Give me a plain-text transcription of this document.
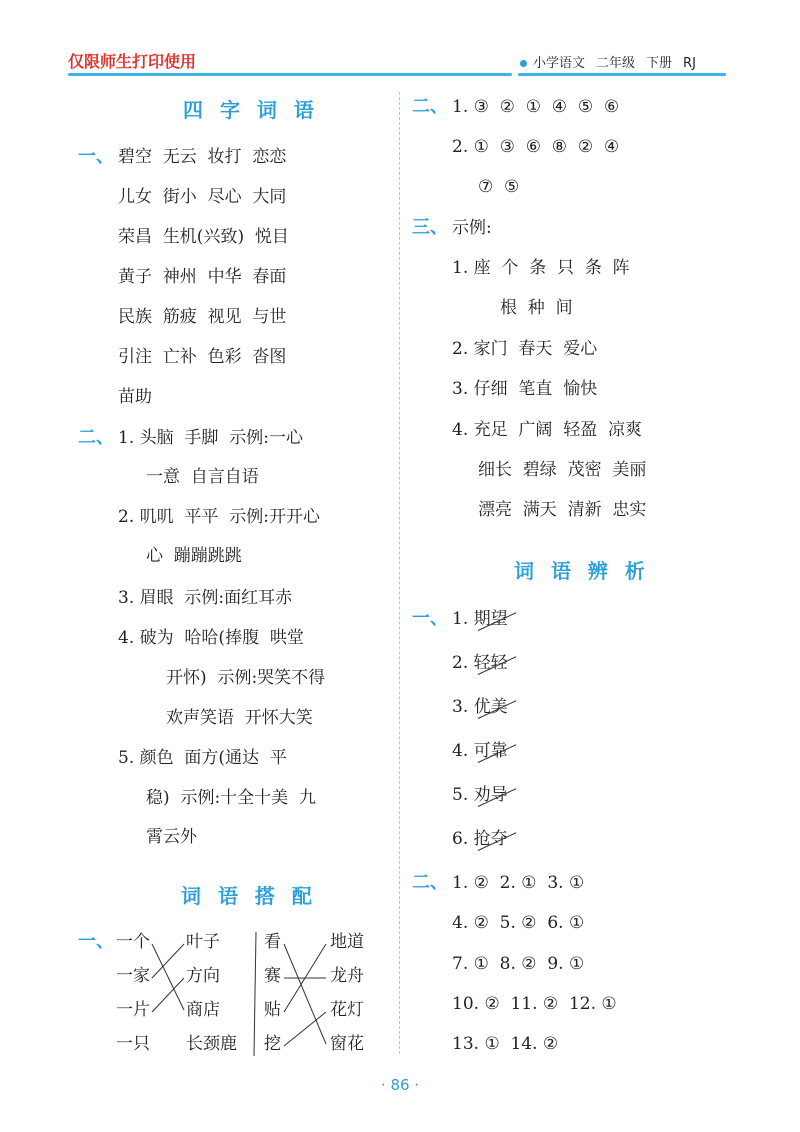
仅限师生打印使用	小学语文 二年级 下册 RJ
四 字 词 语
一、 碧空  无云  妆打  恋恋
儿女  街小  尽心  大同
荣昌  生机(兴致)  悦目
黄子  神州  中华  春面
民族  筋疲  视见  与世
引注  亡补  色彩  沓图
苗助
二、 1. 头脑  手脚  示例:一心
一意  自言自语
2. 叽叽  平平  示例:开开心
心  蹦蹦跳跳
3. 眉眼  示例:面红耳赤
4. 破为  哈哈(捧腹  哄堂
开怀)  示例:哭笑不得
欢声笑语  开怀大笑
5. 颜色  面方(通达  平
稳)  示例:十全十美  九
霄云外
词 语 搭 配
一、 一个
一家
一片
一只
叶子
方向
商店
长颈鹿
看
赛
贴
挖
地道
龙舟
花灯
窗花
二、 1. ③  ②  ①  ④  ⑤  ⑥
2. ①  ③  ⑥  ⑧  ②  ④
⑦  ⑤
三、 示例:
1. 座  个  条  只  条  阵
根  种  间
2. 家门  春天  爱心
3. 仔细  笔直  愉快
4. 充足  广阔  轻盈  凉爽
细长  碧绿  茂密  美丽
漂亮  满天  清新  忠实
词 语 辨 析
一、 1. 期望
2. 轻轻
3. 优美
4. 可靠
5. 劝导
6. 抢夺
二、 1. ②  2. ①  3. ①
4. ②  5. ②  6. ①
7. ①  8. ②  9. ①
10. ②  11. ②  12. ①
13. ①  14. ②
· 86 ·
